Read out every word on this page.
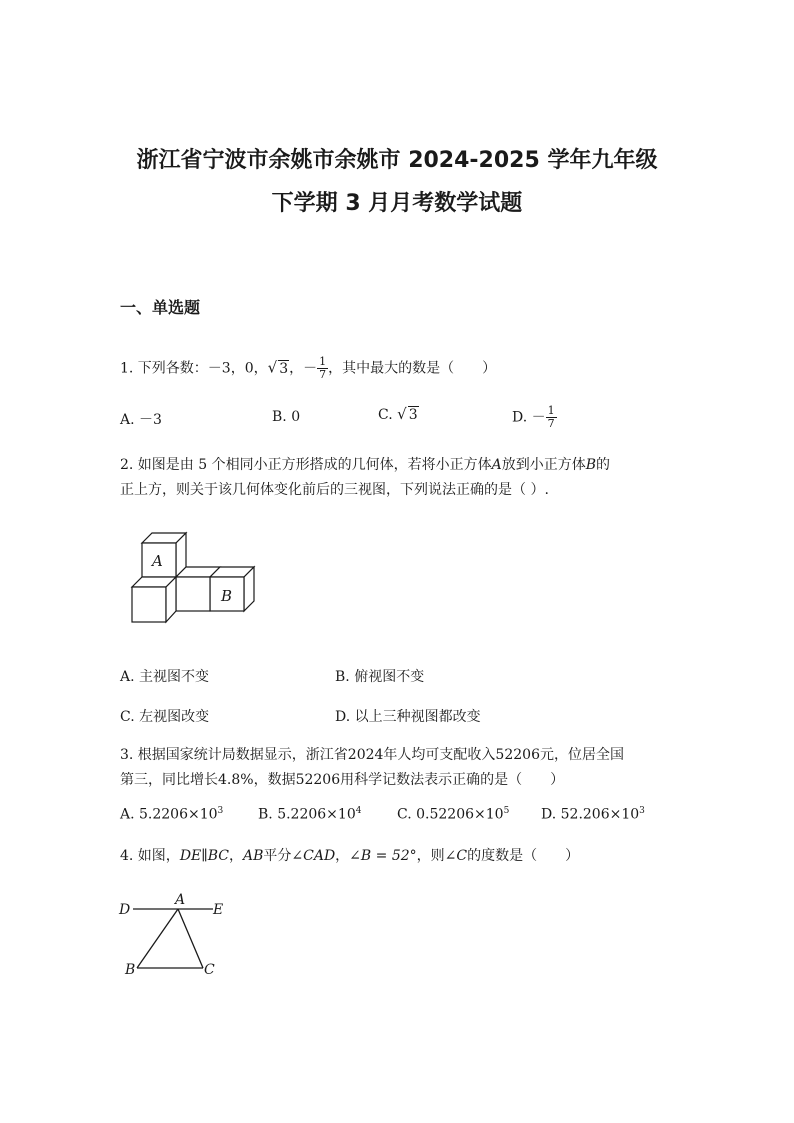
浙江省宁波市余姚市余姚市 2024-2025 学年九年级
下学期 3 月月考数学试题
一、单选题
1. 下列各数：－3，0，√ 3，－ $\frac{1}{7}$ ，其中最大的数是（　　）
A. －3	B. 0	C. √ 3	D. － $\frac{1}{7}$
2. 如图是由 5 个相同小正方形搭成的几何体，若将小正方体A放到小正方体B的
正上方，则关于该几何体变化前后的三视图，下列说法正确的是（ ）.
A
B
A. 主视图不变	B. 俯视图不变
C. 左视图改变	D. 以上三种视图都改变
3. 根据国家统计局数据显示，浙江省2024年人均可支配收入52206元，位居全国
第三，同比增长4.8%，数据52206用科学记数法表示正确的是（　　）
A. $5.2206\times 10^3$ B. $5.2206\times 10^4$	C. $0.52206\times 10^5$ D. $52.206\times 10^3$
4. 如图，DE∥BC，AB平分∠CAD，∠B = 52°，则∠C的度数是（　　）
D
A
E
B	C
